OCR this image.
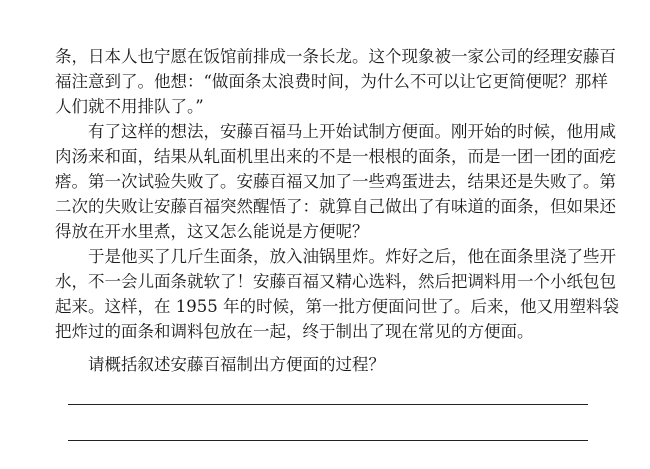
条，日本人也宁愿在饭馆前排成一条长龙。这个现象被一家公司的经理安藤百
福注意到了。他想：“做面条太浪费时间，为什么不可以让它更简便呢？那样
人们就不用排队了。”
有了这样的想法，安藤百福马上开始试制方便面。刚开始的时候，他用咸
肉汤来和面，结果从轧面机里出来的不是一根根的面条，而是一团一团的面疙
瘩。第一次试验失败了。安藤百福又加了一些鸡蛋进去，结果还是失败了。第
二次的失败让安藤百福突然醒悟了：就算自己做出了有味道的面条，但如果还
得放在开水里煮，这又怎么能说是方便呢？
于是他买了几斤生面条，放入油锅里炸。炸好之后，他在面条里浇了些开
水，不一会儿面条就软了！安藤百福又精心选料，然后把调料用一个小纸包包
起来。这样，在 1955 年的时候，第一批方便面问世了。后来，他又用塑料袋
把炸过的面条和调料包放在一起，终于制出了现在常见的方便面。
请概括叙述安藤百福制出方便面的过程？
